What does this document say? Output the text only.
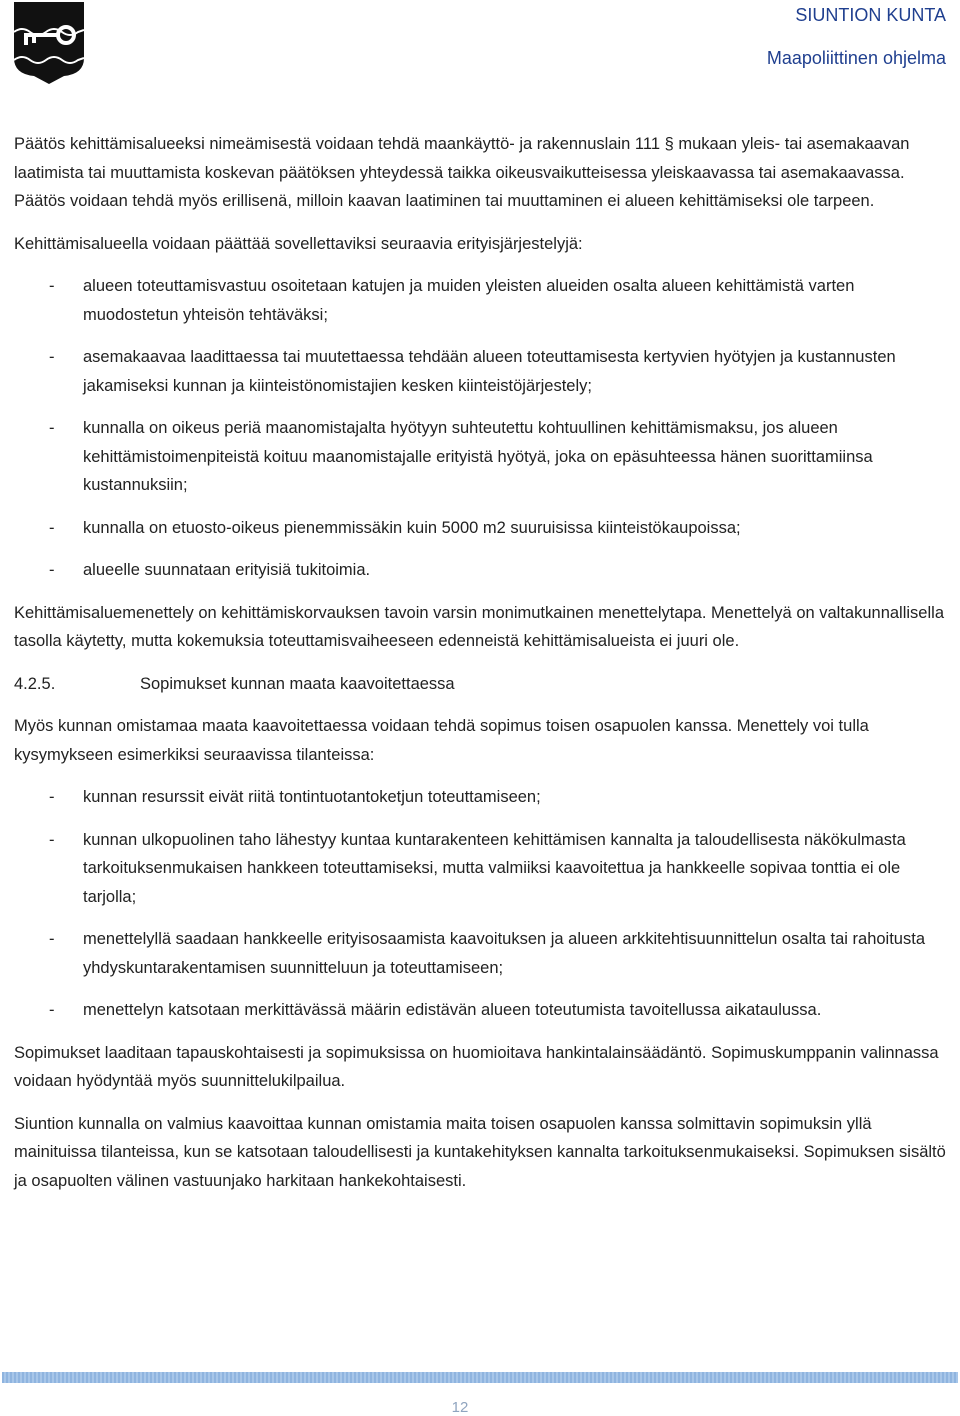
SIUNTION KUNTA
Maapoliittinen ohjelma

Päätös kehittämisalueeksi nimeämisestä voidaan tehdä maankäyttö- ja rakennuslain 111 § mukaan yleis- tai asemakaavan laatimista tai muuttamista koskevan päätöksen yhteydessä taikka oikeusvaikutteisessa yleiskaavassa tai asemakaavassa. Päätös voidaan tehdä myös erillisenä, milloin kaavan laatiminen tai muuttaminen ei alueen kehittämiseksi ole tarpeen.

Kehittämisalueella voidaan päättää sovellettaviksi seuraavia erityisjärjestelyjä:

- alueen toteuttamisvastuu osoitetaan katujen ja muiden yleisten alueiden osalta alueen kehittämistä varten muodostetun yhteisön tehtäväksi;
- asemakaavaa laadittaessa tai muutettaessa tehdään alueen toteuttamisesta kertyvien hyötyjen ja kustannusten jakamiseksi kunnan ja kiinteistönomistajien kesken kiinteistöjärjestely;
- kunnalla on oikeus periä maanomistajalta hyötyyn suhteutettu kohtuullinen kehittämismaksu, jos alueen kehittämistoimenpiteistä koituu maanomistajalle erityistä hyötyä, joka on epäsuhteessa hänen suorittamiinsa kustannuksiin;
- kunnalla on etuosto-oikeus pienemmissäkin kuin 5000 m2 suuruisissa kiinteistökaupoissa;
- alueelle suunnataan erityisiä tukitoimia.

Kehittämisaluemenettely on kehittämiskorvauksen tavoin varsin monimutkainen menettelytapa. Menettelyä on valtakunnallisella tasolla käytetty, mutta kokemuksia toteuttamisvaiheeseen edenneistä kehittämisalueista ei juuri ole.

4.2.5.	Sopimukset kunnan maata kaavoitettaessa

Myös kunnan omistamaa maata kaavoitettaessa voidaan tehdä sopimus toisen osapuolen kanssa. Menettely voi tulla kysymykseen esimerkiksi seuraavissa tilanteissa:

- kunnan resurssit eivät riitä tontintuotantoketjun toteuttamiseen;
- kunnan ulkopuolinen taho lähestyy kuntaa kuntarakenteen kehittämisen kannalta ja taloudellisesta näkökulmasta tarkoituksenmukaisen hankkeen toteuttamiseksi, mutta valmiiksi kaavoitettua ja hankkeelle sopivaa tonttia ei ole tarjolla;
- menettelyllä saadaan hankkeelle erityisosaamista kaavoituksen ja alueen arkkitehtisuunnittelun osalta tai rahoitusta yhdyskuntarakentamisen suunnitteluun ja toteuttamiseen;
- menettelyn katsotaan merkittävässä määrin edistävän alueen toteutumista tavoitellussa aikataulussa.

Sopimukset laaditaan tapauskohtaisesti ja sopimuksissa on huomioitava hankintalainsäädäntö. Sopimuskumppanin valinnassa voidaan hyödyntää myös suunnittelukilpailua.

Siuntion kunnalla on valmius kaavoittaa kunnan omistamia maita toisen osapuolen kanssa solmittavin sopimuksin yllä mainituissa tilanteissa, kun se katsotaan taloudellisesti ja kuntakehityksen kannalta tarkoituksenmukaiseksi. Sopimuksen sisältö ja osapuolten välinen vastuunjako harkitaan hankekohtaisesti.

12
